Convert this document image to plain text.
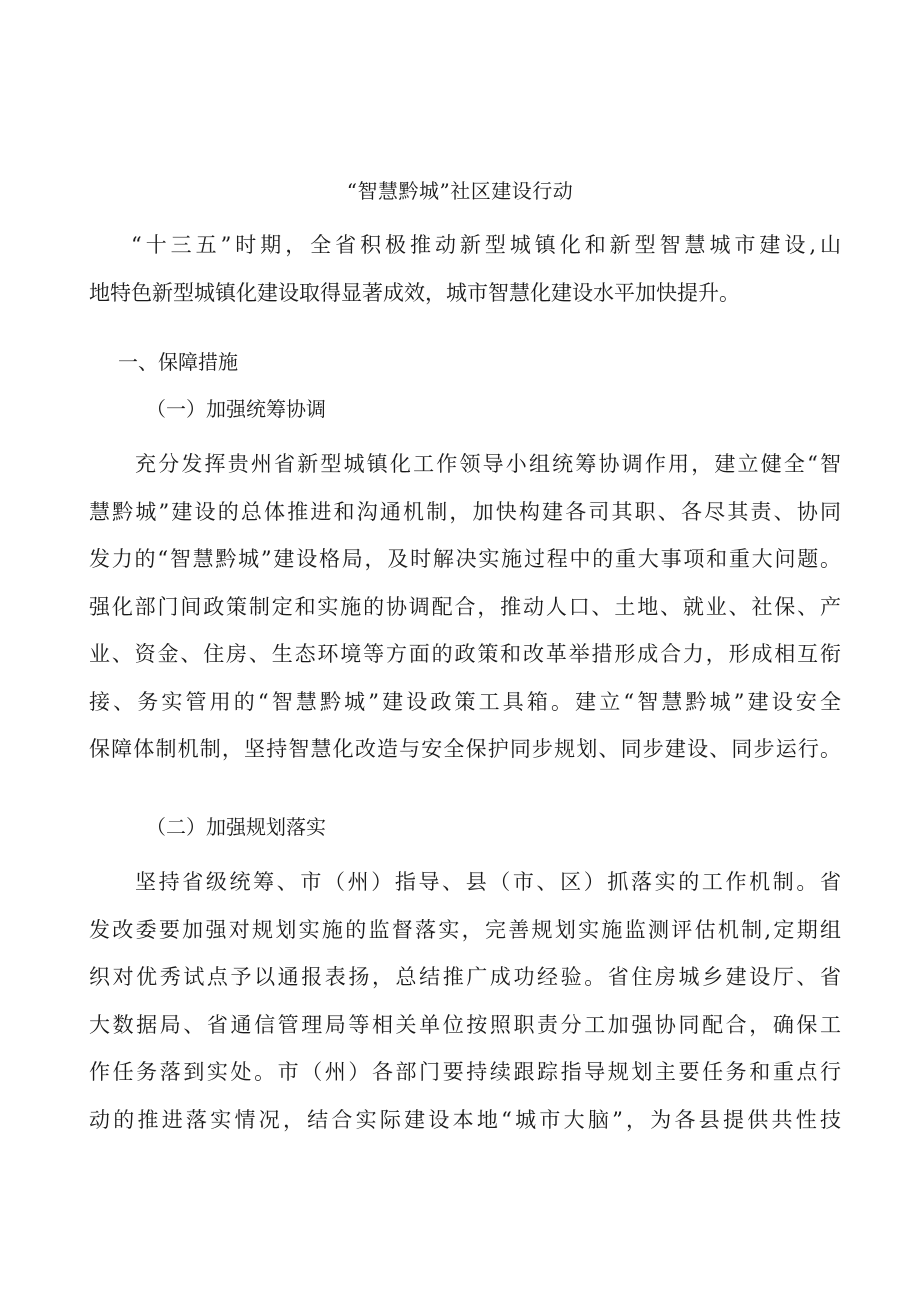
“智慧黔城”社区建设行动
“十三五”时期，全省积极推动新型城镇化和新型智慧城市建设,山
地特色新型城镇化建设取得显著成效，城市智慧化建设水平加快提升。
一、保障措施
（一）加强统筹协调
充分发挥贵州省新型城镇化工作领导小组统筹协调作用，建立健全“智
慧黔城”建设的总体推进和沟通机制，加快构建各司其职、各尽其责、协同
发力的“智慧黔城”建设格局，及时解决实施过程中的重大事项和重大问题。
强化部门间政策制定和实施的协调配合，推动人口、土地、就业、社保、产
业、资金、住房、生态环境等方面的政策和改革举措形成合力，形成相互衔
接、务实管用的“智慧黔城”建设政策工具箱。建立“智慧黔城”建设安全
保障体制机制，坚持智慧化改造与安全保护同步规划、同步建设、同步运行。
（二）加强规划落实
坚持省级统筹、市（州）指导、县（市、区）抓落实的工作机制。省
发改委要加强对规划实施的监督落实，完善规划实施监测评估机制,定期组
织对优秀试点予以通报表扬，总结推广成功经验。省住房城乡建设厅、省
大数据局、省通信管理局等相关单位按照职责分工加强协同配合，确保工
作任务落到实处。市（州）各部门要持续跟踪指导规划主要任务和重点行
动的推进落实情况，结合实际建设本地“城市大脑”，为各县提供共性技
